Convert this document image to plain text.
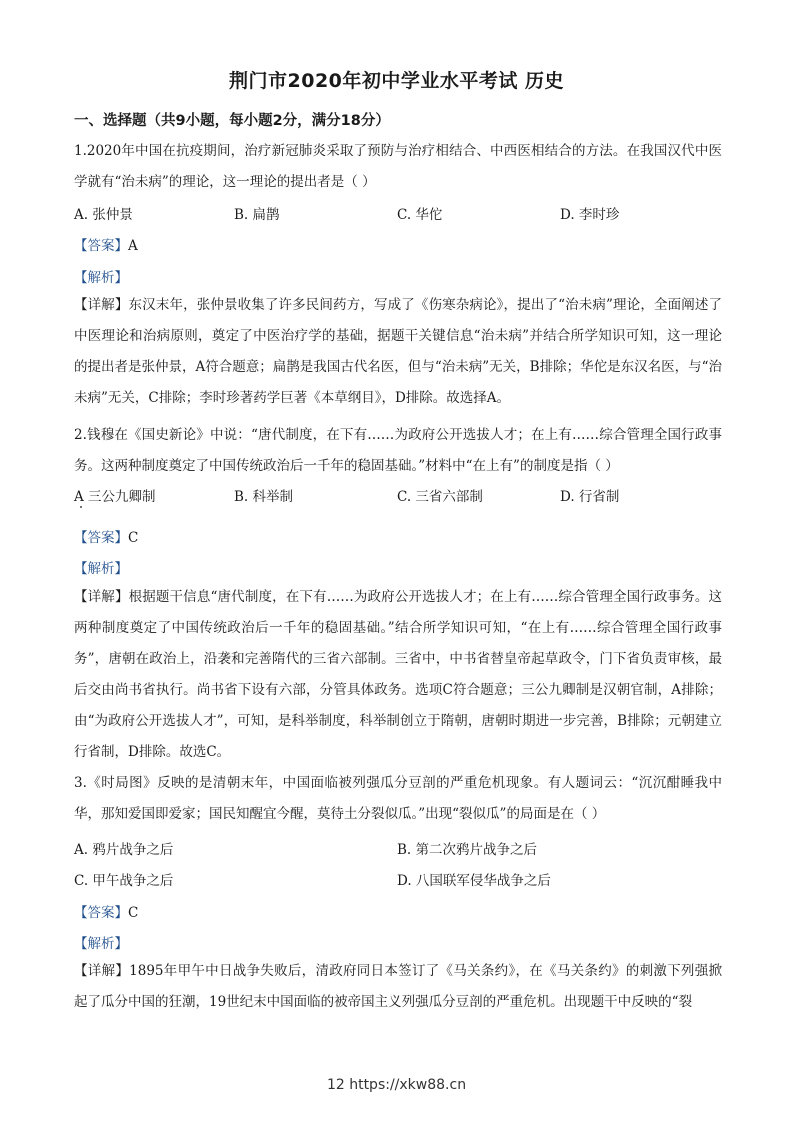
荆门市2020年初中学业水平考试 历史
一、选择题（共9小题，每小题2分，满分18分）
1.2020年中国在抗疫期间，治疗新冠肺炎采取了预防与治疗相结合、中西医相结合的方法。在我国汉代中医学就有“治未病”的理论，这一理论的提出者是（ ）
A. 张仲景	B. 扁鹊	C. 华佗	D. 李时珍
【答案】A
【解析】
【详解】东汉末年，张仲景收集了许多民间药方，写成了《伤寒杂病论》，提出了“治未病”理论，全面阐述了中医理论和治病原则，奠定了中医治疗学的基础，据题干关键信息“治未病”并结合所学知识可知，这一理论的提出者是张仲景，A符合题意；扁鹊是我国古代名医，但与“治未病”无关，B排除；华佗是东汉名医，与“治未病”无关，C排除；李时珍著药学巨著《本草纲目》，D排除。故选择A。
2.钱穆在《国史新论》中说：“唐代制度，在下有……为政府公开选拔人才；在上有……综合管理全国行政事务。这两种制度奠定了中国传统政治后一千年的稳固基础。”材料中“在上有”的制度是指（ ）
A 三公九卿制	B. 科举制	C. 三省六部制	D. 行省制
【答案】C
【解析】
【详解】根据题干信息“唐代制度，在下有……为政府公开选拔人才；在上有……综合管理全国行政事务。这两种制度奠定了中国传统政治后一千年的稳固基础。”结合所学知识可知，“在上有……综合管理全国行政事务”，唐朝在政治上，沿袭和完善隋代的三省六部制。三省中，中书省替皇帝起草政令，门下省负责审核，最后交由尚书省执行。尚书省下设有六部，分管具体政务。选项C符合题意；三公九卿制是汉朝官制，A排除；由“为政府公开选拔人才”，可知，是科举制度，科举制创立于隋朝，唐朝时期进一步完善，B排除；元朝建立行省制，D排除。故选C。
3.《时局图》反映的是清朝末年，中国面临被列强瓜分豆剖的严重危机现象。有人题词云：“沉沉酣睡我中华，那知爱国即爱家；国民知醒宜今醒，莫待土分裂似瓜。”出现“裂似瓜”的局面是在（ ）
A. 鸦片战争之后	B. 第二次鸦片战争之后
C. 甲午战争之后	D. 八国联军侵华战争之后
【答案】C
【解析】
【详解】1895年甲午中日战争失败后，清政府同日本签订了《马关条约》，在《马关条约》的刺激下列强掀起了瓜分中国的狂潮，19世纪末中国面临的被帝国主义列强瓜分豆剖的严重危机。出现题干中反映的“裂
12 https://xkw88.cn
